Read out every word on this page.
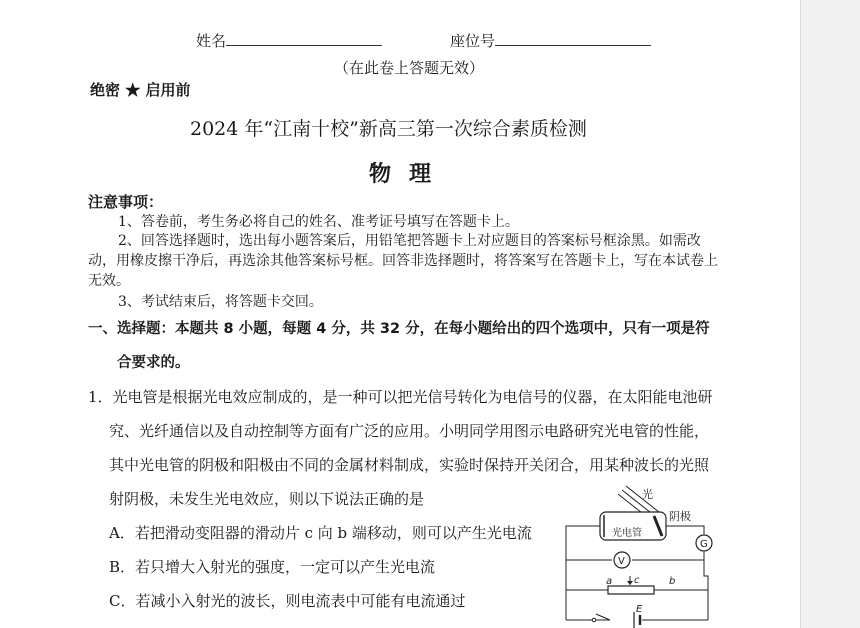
姓名	座位号
（在此卷上答题无效）
绝密 ★ 启用前
2024 年“江南十校”新高三第一次综合素质检测
物理
注意事项：
1、答卷前，考生务必将自己的姓名、准考证号填写在答题卡上。
2、回答选择题时，选出每小题答案后，用铅笔把答题卡上对应题目的答案标号框涂黑。如需改动，用橡皮擦干净后，再选涂其他答案标号框。回答非选择题时，将答案写在答题卡上，写在本试卷上无效。
3、考试结束后，将答题卡交回。
一、选择题：本题共 8 小题，每题 4 分，共 32 分，在每小题给出的四个选项中，只有一项是符
合要求的。
1．光电管是根据光电效应制成的，是一种可以把光信号转化为电信号的仪器，在太阳能电池研
究、光纤通信以及自动控制等方面有广泛的应用。小明同学用图示电路研究光电管的性能，
其中光电管的阴极和阳极由不同的金属材料制成，实验时保持开关闭合，用某种波长的光照
射阴极，未发生光电效应，则以下说法正确的是
A．若把滑动变阻器的滑动片 c 向 b 端移动，则可以产生光电流
B．若只增大入射光的强度，一定可以产生光电流
C．若减小入射光的波长，则电流表中可能有电流通过
光
阴极
光电管
G
V
a c	b
E
